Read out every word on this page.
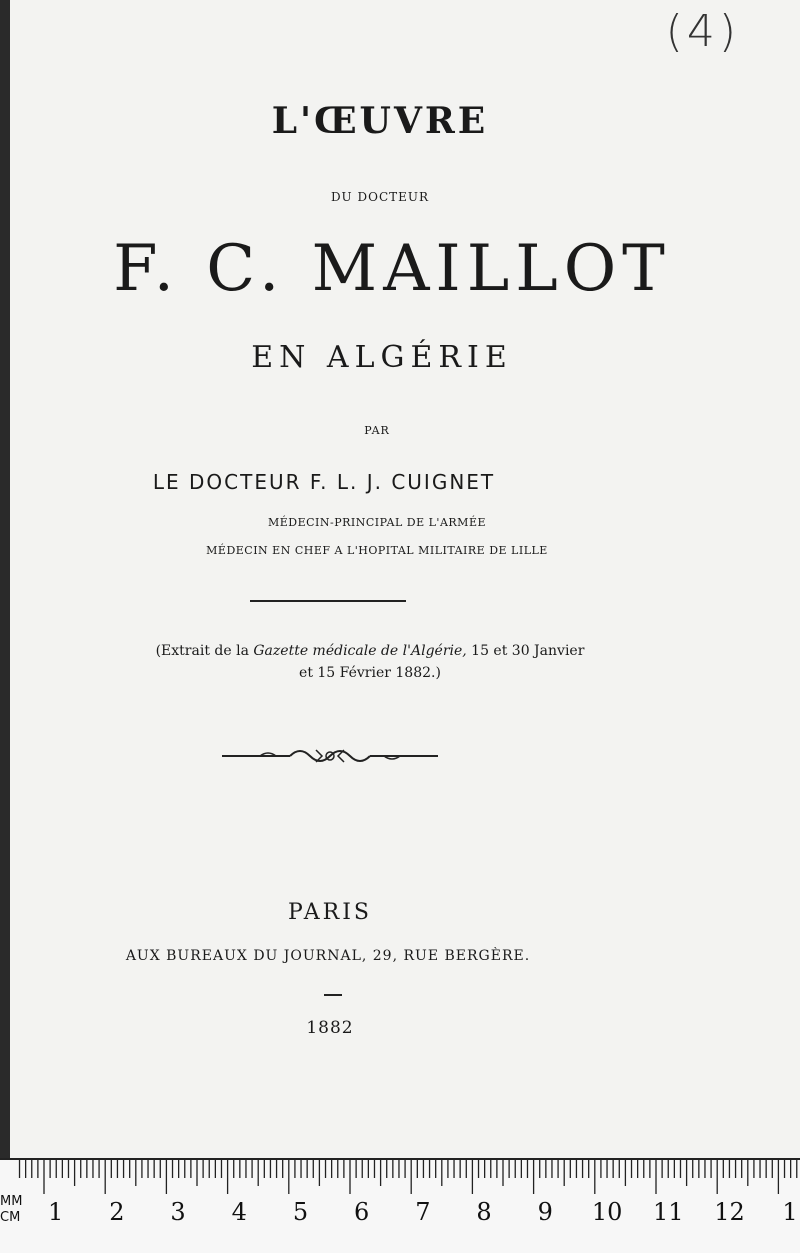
(4)
L'ŒUVRE
DU DOCTEUR
F. C. MAILLOT
EN ALGÉRIE
PAR
LE DOCTEUR F. L. J. CUIGNET
MÉDECIN-PRINCIPAL DE L'ARMÉE
MÉDECIN EN CHEF A L'HOPITAL MILITAIRE DE LILLE
(Extrait de la Gazette médicale de l'Algérie, 15 et 30 Janvier
et 15 Février 1882.)
PARIS
AUX BUREAUX DU JOURNAL, 29, RUE BERGÈRE.
1882
MM
CM 1 2 3 4 5 6 7 8 9 10 11 12 1
